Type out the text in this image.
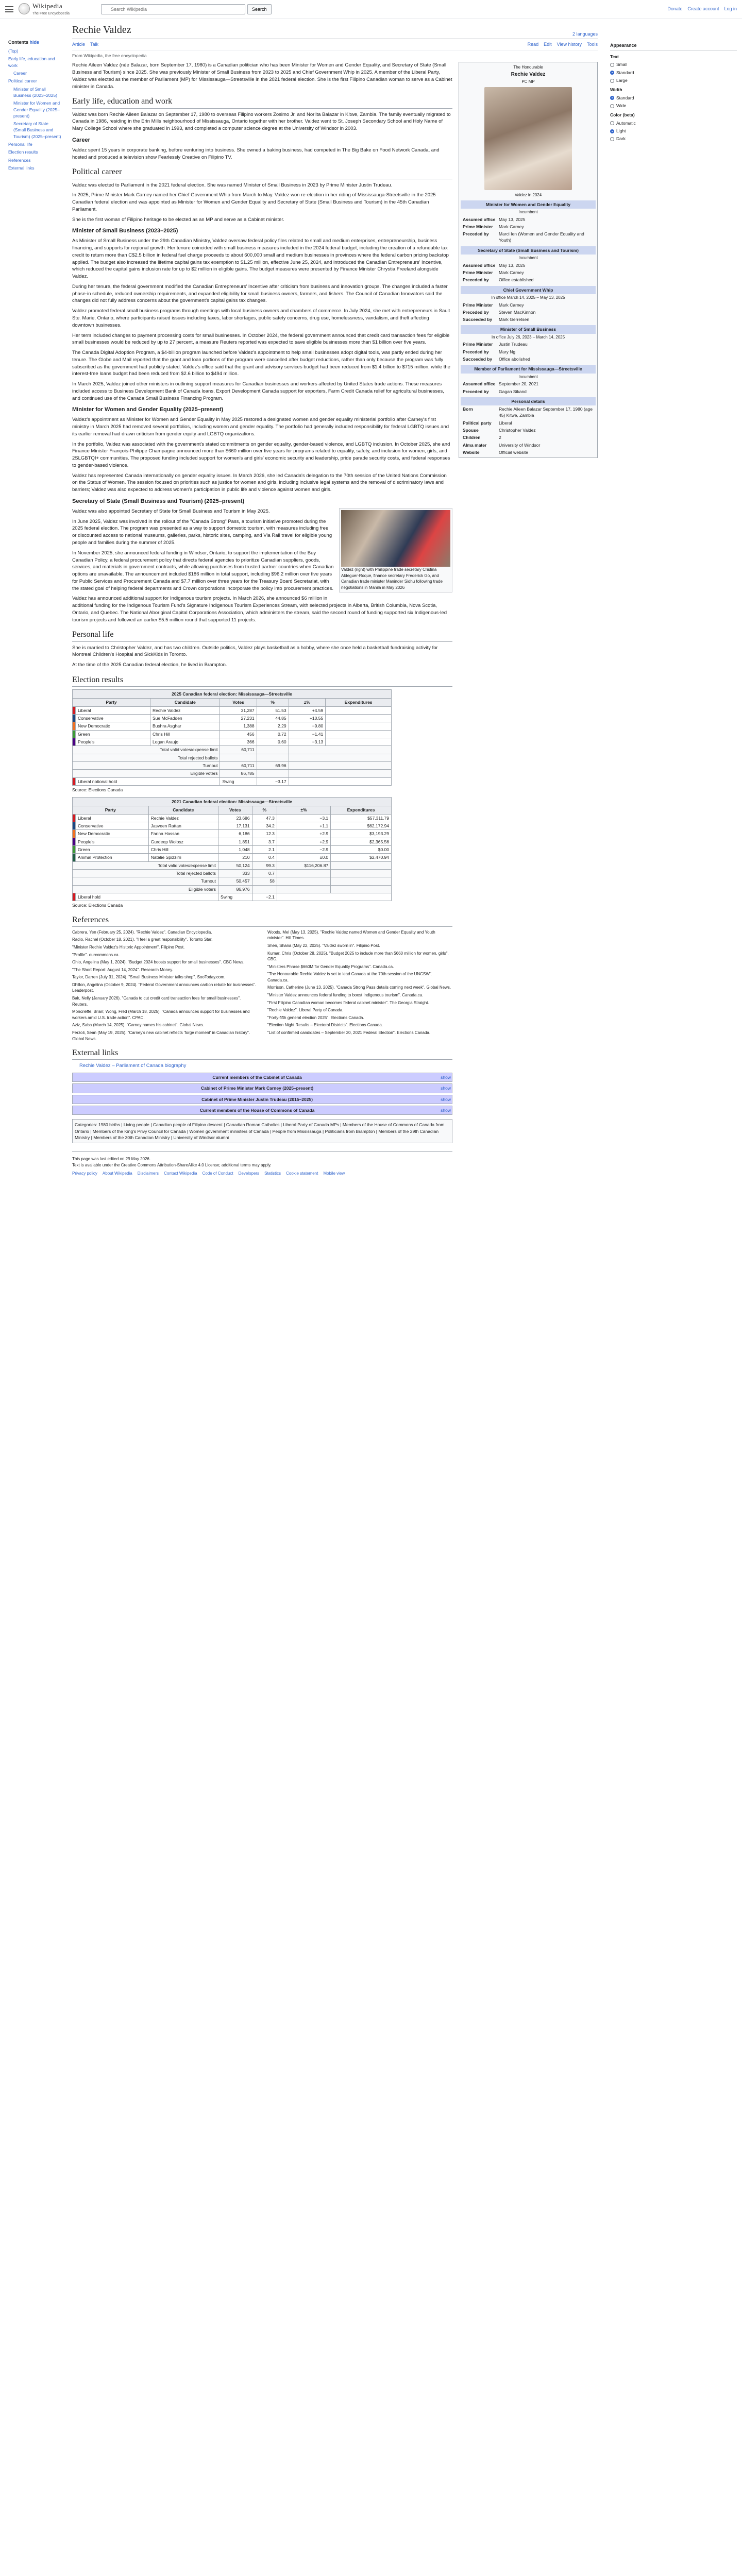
Wikipedia
The Free Encyclopedia
Search Wikipedia
Search	Donate Create account Log in
Contents hide
(Top)
Early life, education and work
Career
Political career
Minister of Small Business (2023–2025)
Minister for Women and Gender Equality (2025–present)
Secretary of State (Small Business and Tourism) (2025–present)
Personal life
Election results
References
External links
Rechie Valdez	2 languages
Article Talk	Read Edit View history Tools
From Wikipedia, the free encyclopedia

Rechie Aileen Valdez (née Balazar, born September 17, 1980) is a Canadian politician who has been Minister for Women and Gender Equality, and Secretary of State (Small Business and Tourism) since 2025. She was previously Minister of Small Business from 2023 to 2025 and Chief Government Whip in 2025. A member of the Liberal Party, Valdez was elected as the member of Parliament (MP) for Mississauga—Streetsville in the 2021 federal election. She is the first Filipino Canadian woman to serve as a Cabinet minister in Canada.

Early life, education and work

Valdez was born Rechie Aileen Balazar on September 17, 1980 to overseas Filipino workers Zosimo Jr. and Norlita Balazar in Kitwe, Zambia. The family eventually migrated to Canada in 1986, residing in the Erin Mills neighbourhood of Mississauga, Ontario together with her brother. Valdez went to St. Joseph Secondary School and Holy Name of Mary College School where she graduated in 1993, and completed a computer science degree at the University of Windsor in 2003.

Career

Valdez spent 15 years in corporate banking, before venturing into business. She owned a baking business, had competed in The Big Bake on Food Network Canada, and hosted and produced a television show Fearlessly Creative on Filipino TV.

Political career

Valdez was elected to Parliament in the 2021 federal election. She was named Minister of Small Business in 2023 by Prime Minister Justin Trudeau.

In 2025, Prime Minister Mark Carney named her Chief Government Whip from March to May. Valdez won re-election in her riding of Mississauga-Streetsville in the 2025 Canadian federal election and was appointed as Minister for Women and Gender Equality and Secretary of State (Small Business and Tourism) in the 45th Canadian Parliament.

She is the first woman of Filipino heritage to be elected as an MP and serve as a Cabinet minister.

Minister of Small Business (2023–2025)

As Minister of Small Business under the 29th Canadian Ministry, Valdez oversaw federal policy files related to small and medium enterprises, entrepreneurship, business financing, and supports for regional growth. Her tenure coincided with small business measures included in the 2024 federal budget, including the creation of a refundable tax credit to return more than C$2.5 billion in federal fuel charge proceeds to about 600,000 small and medium businesses in provinces where the federal carbon pricing backstop applied. The budget also increased the lifetime capital gains tax exemption to $1.25 million, effective June 25, 2024, and introduced the Canadian Entrepreneurs' Incentive, which reduced the capital gains inclusion rate for up to $2 million in eligible gains. The budget measures were presented by Finance Minister Chrystia Freeland alongside Valdez.

During her tenure, the federal government modified the Canadian Entrepreneurs' Incentive after criticism from business and innovation groups. The changes included a faster phase-in schedule, reduced ownership requirements, and expanded eligibility for small business owners, farmers, and fishers. The Council of Canadian Innovators said the changes did not fully address concerns about the government's capital gains tax changes.

Valdez promoted federal small business programs through meetings with local business owners and chambers of commerce. In July 2024, she met with entrepreneurs in Sault Ste. Marie, Ontario, where participants raised issues including taxes, labor shortages, public safety concerns, drug use, homelessness, vandalism, and theft affecting downtown businesses.

Her term included changes to payment processing costs for small businesses. In October 2024, the federal government announced that credit card transaction fees for eligible small businesses would be reduced by up to 27 percent, a measure Reuters reported was expected to save eligible businesses more than $1 billion over five years.

The Canada Digital Adoption Program, a $4-billion program launched before Valdez's appointment to help small businesses adopt digital tools, was partly ended during her tenure. The Globe and Mail reported that the grant and loan portions of the program were cancelled after budget reductions, rather than only because the program was fully subscribed as the government had publicly stated. Valdez's office said that the grant and advisory services budget had been reduced from $1.4 billion to $715 million, while the interest-free loans budget had been reduced from $2.6 billion to $494 million.

In March 2025, Valdez joined other ministers in outlining support measures for Canadian businesses and workers affected by United States trade actions. These measures included access to Business Development Bank of Canada loans, Export Development Canada support for exporters, Farm Credit Canada relief for agricultural businesses, and continued use of the Canada Small Business Financing Program.

Minister for Women and Gender Equality (2025–present)

Valdez's appointment as Minister for Women and Gender Equality in May 2025 restored a designated women and gender equality ministerial portfolio after Carney's first ministry in March 2025 had removed several portfolios, including women and gender equality. The portfolio had generally included responsibility for federal LGBTQ issues and its earlier removal had drawn criticism from gender equity and LGBTQ organizations.

In the portfolio, Valdez was associated with the government's stated commitments on gender equality, gender-based violence, and LGBTQ inclusion. In October 2025, she and Finance Minister François-Philippe Champagne announced more than $660 million over five years for programs related to equality, safety, and inclusion for women, girls, and 2SLGBTQI+ communities. The proposed funding included support for women's and girls' economic security and leadership, pride parade security costs, and federal responses to gender-based violence.

Valdez has represented Canada internationally on gender equality issues. In March 2026, she led Canada's delegation to the 70th session of the United Nations Commission on the Status of Women. The session focused on priorities such as justice for women and girls, including inclusive legal systems and the removal of discriminatory laws and barriers; Valdez was also expected to address women's participation in public life and violence against women and girls.

Secretary of State (Small Business and Tourism) (2025–present)
Valdez (right) with Philippine trade secretary Cristina Aldeguer-Roque, finance secretary Frederick Go, and Canadian trade minister Maninder Sidhu following trade negotiations in Manila in May 2026

Valdez was also appointed Secretary of State for Small Business and Tourism in May 2025.

In June 2025, Valdez was involved in the rollout of the "Canada Strong" Pass, a tourism initiative promoted during the 2025 federal election. The program was presented as a way to support domestic tourism, with measures including free or discounted access to national museums, galleries, parks, historic sites, camping, and Via Rail travel for eligible young people and families during the summer of 2025.

In November 2025, she announced federal funding in Windsor, Ontario, to support the implementation of the Buy Canadian Policy, a federal procurement policy that directs federal agencies to prioritize Canadian suppliers, goods, services, and materials in government contracts, while allowing purchases from trusted partner countries when Canadian options are unavailable. The announcement included $186 million in total support, including $96.2 million over five years for Public Services and Procurement Canada and $7.7 million over three years for the Treasury Board Secretariat, with the stated goal of helping federal departments and Crown corporations incorporate the policy into procurement practices.

Valdez has announced additional support for Indigenous tourism projects. In March 2026, she announced $6 million in additional funding for the Indigenous Tourism Fund's Signature Indigenous Tourism Experiences Stream, with selected projects in Alberta, British Columbia, Nova Scotia, Ontario, and Quebec. The National Aboriginal Capital Corporations Association, which administers the stream, said the second round of funding supported six Indigenous-led tourism projects and followed an earlier $5.5 million round that supported 11 projects.

Personal life

She is married to Christopher Valdez, and has two children. Outside politics, Valdez plays basketball as a hobby, where she once held a basketball fundraising activity for Montreal Children's Hospital and SickKids in Toronto.

At the time of the 2025 Canadian federal election, he lived in Brampton.

Election results
2025 Canadian federal election: Mississauga—Streetsville
Party		Candidate	Votes	%	±%	Expenditures
	Liberal	Rechie Valdez	31,287	51.53	+4.59	
	Conservative	Sue McFadden	27,231	44.85	+10.55	
	New Democratic	Bushra Asghar	1,388	2.29	−9.80	
	Green	Chris Hill	456	0.72	−1.41	
	People's	Logan Araujo	366	0.60	−3.13	
Total valid votes/expense limit			60,711			
Total rejected ballots						
Turnout			60,711	69.96		
Eligible voters			86,785			
	Liberal notional hold		Swing	−3.17		
Source: Elections Canada
2021 Canadian federal election: Mississauga—Streetsville
Party		Candidate	Votes	%	±%	Expenditures
	Liberal	Rechie Valdez	23,686	47.3	−3.1	$57,311.79
	Conservative	Jasveen Rattan	17,131	34.2	+1.1	$62,172.94
	New Democratic	Farina Hassan	6,186	12.3	+2.9	$3,193.29
	People's	Gurdeep Wolosz	1,851	3.7	+2.9	$2,365.56
	Green	Chris Hill	1,048	2.1	−2.9	$0.00
	Animal Protection	Natalie Spizzirri	210	0.4	±0.0	$2,470.94
Total valid votes/expense limit			50,124	99.3	$116,206.87	
Total rejected ballots			333	0.7		
Turnout			50,457	58		
Eligible voters			86,976			
	Liberal hold		Swing	−2.1		
Source: Elections Canada
References
Cabrera, Yen (February 25, 2024). "Rechie Valdez". Canadian Encyclopedia.
Radio, Rachel (October 18, 2021). "I feel a great responsibility". Toronto Star.
"Minister Rechie Valdez's Historic Appointment". Filipino Post.
"Profile". ourcommons.ca.
Ohio, Angelina (May 1, 2024). "Budget 2024 boosts support for small businesses". CBC News.
"The Short Report: August 14, 2024". Research Money.
Taylor, Darren (July 31, 2024). "Small Business Minister talks shop". SooToday.com.
Dhillon, Angelina (October 9, 2024). "Federal Government announces carbon rebate for businesses". Leaderpost.
Bak, Nelly (January 2026). "Canada to cut credit card transaction fees for small businesses". Reuters.
Moncrieffe, Brian; Wong, Fred (March 18, 2025). "Canada announces support for businesses and workers amid U.S. trade action". CPAC.
Aziz, Saba (March 14, 2025). "Carney names his cabinet". Global News.
Ferzoli, Sean (May 19, 2025). "Carney's new cabinet reflects 'forge moment' in Canadian history". Global News.
Woods, Mel (May 13, 2025). "Rechie Valdez named Women and Gender Equality and Youth minister". Hill Times.
Shen, Shana (May 22, 2025). "Valdez sworn in". Filipino Post.
Kumar, Chris (October 28, 2025). "Budget 2025 to include more than $660 million for women, girls". CBC.
"Ministers Phrase $660M for Gender Equality Programs". Canada.ca.
"The Honourable Rechie Valdez is set to lead Canada at the 70th session of the UNCSW". Canada.ca.
Morrison, Catherine (June 13, 2025). "Canada Strong Pass details coming next week". Global News.
"Minister Valdez announces federal funding to boost Indigenous tourism". Canada.ca.
"First Filipino Canadian woman becomes federal cabinet minister". The Georgia Straight.
"Rechie Valdez". Liberal Party of Canada.
"Forty-fifth general election 2025". Elections Canada.
"Election Night Results – Electoral Districts". Elections Canada.
"List of confirmed candidates – September 20, 2021 Federal Election". Elections Canada.
External links
Rechie Valdez – Parliament of Canada biography
Current members of the Cabinet of Canada	show
Cabinet of Prime Minister Mark Carney (2025–present)	show
Cabinet of Prime Minister Justin Trudeau (2015–2025)	show
Current members of the House of Commons of Canada	show
Categories: 1980 births | Living people | Canadian people of Filipino descent | Canadian Roman Catholics | Liberal Party of Canada MPs | Members of the House of Commons of Canada from Ontario | Members of the King's Privy Council for Canada | Women government ministers of Canada | People from Mississauga | Politicians from Brampton | Members of the 29th Canadian Ministry | Members of the 30th Canadian Ministry | University of Windsor alumni
This page was last edited on 29 May 2026.
Text is available under the Creative Commons Attribution-ShareAlike 4.0 License; additional terms may apply.
Privacy policy About Wikipedia Disclaimers Contact Wikipedia Code of Conduct Developers Statistics Cookie statement Mobile view
The Honourable
Rechie Valdez
PC MP
Valdez in 2024
Minister for Women and Gender Equality
Incumbent
Assumed office May 13, 2025
Prime Minister	Mark Carney
Preceded by	Marci Ien (Women and Gender Equality and Youth)
Secretary of State (Small Business and Tourism)
Incumbent
Assumed office May 13, 2025
Prime Minister	Mark Carney
Preceded by	Office established
Chief Government Whip
In office March 14, 2025 – May 13, 2025
Prime Minister	Mark Carney
Preceded by	Steven MacKinnon
Succeeded by	Mark Gerretsen
Minister of Small Business
In office July 26, 2023 – March 14, 2025
Prime Minister	Justin Trudeau
Preceded by	Mary Ng
Succeeded by	Office abolished
Member of Parliament for Mississauga—Streetsville
Incumbent
Assumed office September 20, 2021
Preceded by	Gagan Sikand
Personal details
Born	Rechie Aileen Balazar September 17, 1980 (age 45) Kitwe, Zambia
Political party	Liberal
Spouse	Christopher Valdez
Children	2
Alma mater	University of Windsor
Website	Official website
Appearance
Text
Small
Standard
Large
Width
Standard
Wide
Color (beta)
Automatic
Light
Dark
